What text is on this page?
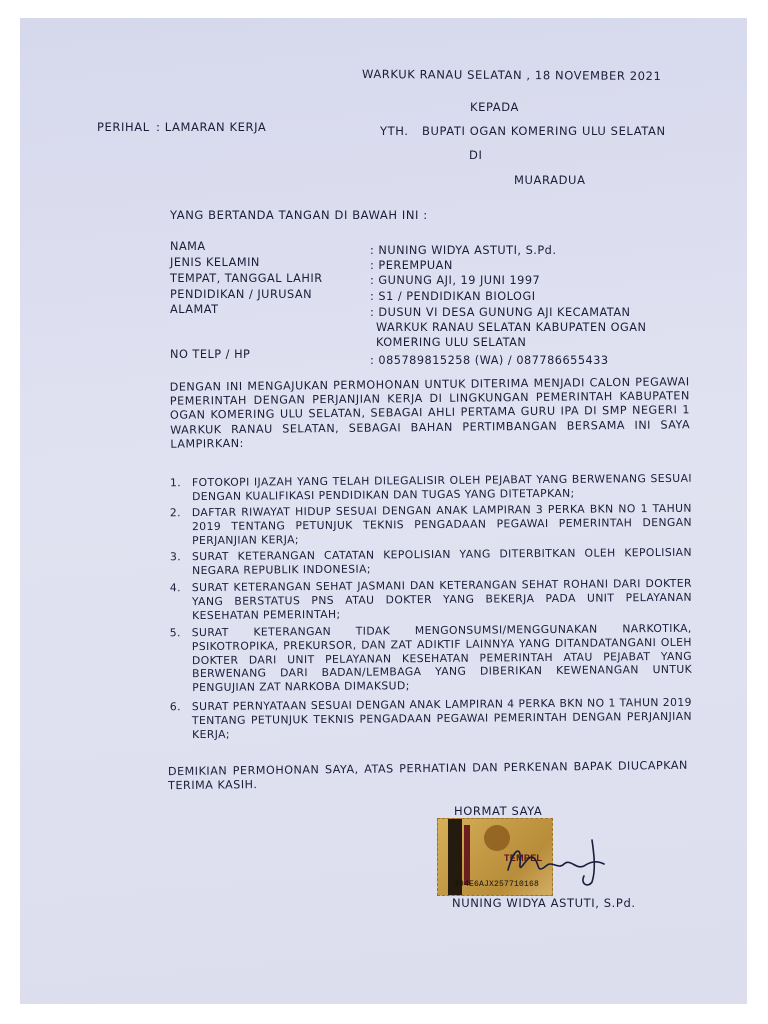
WARKUK RANAU SELATAN , 18 NOVEMBER 2021
KEPADA
PERIHAL : LAMARAN KERJA	YTH. BUPATI OGAN KOMERING ULU SELATAN
DI
MUARADUA
YANG BERTANDA TANGAN DI BAWAH INI :
NAMA	: NUNING WIDYA ASTUTI, S.Pd.
JENIS KELAMIN	: PEREMPUAN
TEMPAT, TANGGAL LAHIR	: GUNUNG AJI, 19 JUNI 1997
PENDIDIKAN / JURUSAN	: S1 / PENDIDIKAN BIOLOGI
ALAMAT	: DUSUN VI DESA GUNUNG AJI KECAMATAN
WARKUK RANAU SELATAN KABUPATEN OGAN
KOMERING ULU SELATAN
NO TELP / HP	: 085789815258 (WA) / 087786655433
DENGAN INI MENGAJUKAN PERMOHONAN UNTUK DITERIMA MENJADI CALON PEGAWAI PEMERINTAH DENGAN PERJANJIAN KERJA DI LINGKUNGAN PEMERINTAH KABUPATEN OGAN KOMERING ULU SELATAN, SEBAGAI AHLI PERTAMA GURU IPA DI SMP NEGERI 1 WARKUK RANAU SELATAN, SEBAGAI BAHAN PERTIMBANGAN BERSAMA INI SAYA LAMPIRKAN:
1. FOTOKOPI IJAZAH YANG TELAH DILEGALISIR OLEH PEJABAT YANG BERWENANG SESUAI DENGAN KUALIFIKASI PENDIDIKAN DAN TUGAS YANG DITETAPKAN;
2. DAFTAR RIWAYAT HIDUP SESUAI DENGAN ANAK LAMPIRAN 3 PERKA BKN NO 1 TAHUN 2019 TENTANG PETUNJUK TEKNIS PENGADAAN PEGAWAI PEMERINTAH DENGAN PERJANJIAN KERJA;
3. SURAT KETERANGAN CATATAN KEPOLISIAN YANG DITERBITKAN OLEH KEPOLISIAN NEGARA REPUBLIK INDONESIA;
4. SURAT KETERANGAN SEHAT JASMANI DAN KETERANGAN SEHAT ROHANI DARI DOKTER YANG BERSTATUS PNS ATAU DOKTER YANG BEKERJA PADA UNIT PELAYANAN KESEHATAN PEMERINTAH;
5. SURAT KETERANGAN TIDAK MENGONSUMSI/MENGGUNAKAN NARKOTIKA, PSIKOTROPIKA, PREKURSOR, DAN ZAT ADIKTIF LAINNYA YANG DITANDATANGANI OLEH DOKTER DARI UNIT PELAYANAN KESEHATAN PEMERINTAH ATAU PEJABAT YANG BERWENANG DARI BADAN/LEMBAGA YANG DIBERIKAN KEWENANGAN UNTUK PENGUJIAN ZAT NARKOBA DIMAKSUD;
6. SURAT PERNYATAAN SESUAI DENGAN ANAK LAMPIRAN 4 PERKA BKN NO 1 TAHUN 2019 TENTANG PETUNJUK TEKNIS PENGADAAN PEGAWAI PEMERINTAH DENGAN PERJANJIAN KERJA;
DEMIKIAN PERMOHONAN SAYA, ATAS PERHATIAN DAN PERKENAN BAPAK DIUCAPKAN TERIMA KASIH.
HORMAT SAYA
TEMPEL
394E6AJX257710168
NUNING WIDYA ASTUTI, S.Pd.
